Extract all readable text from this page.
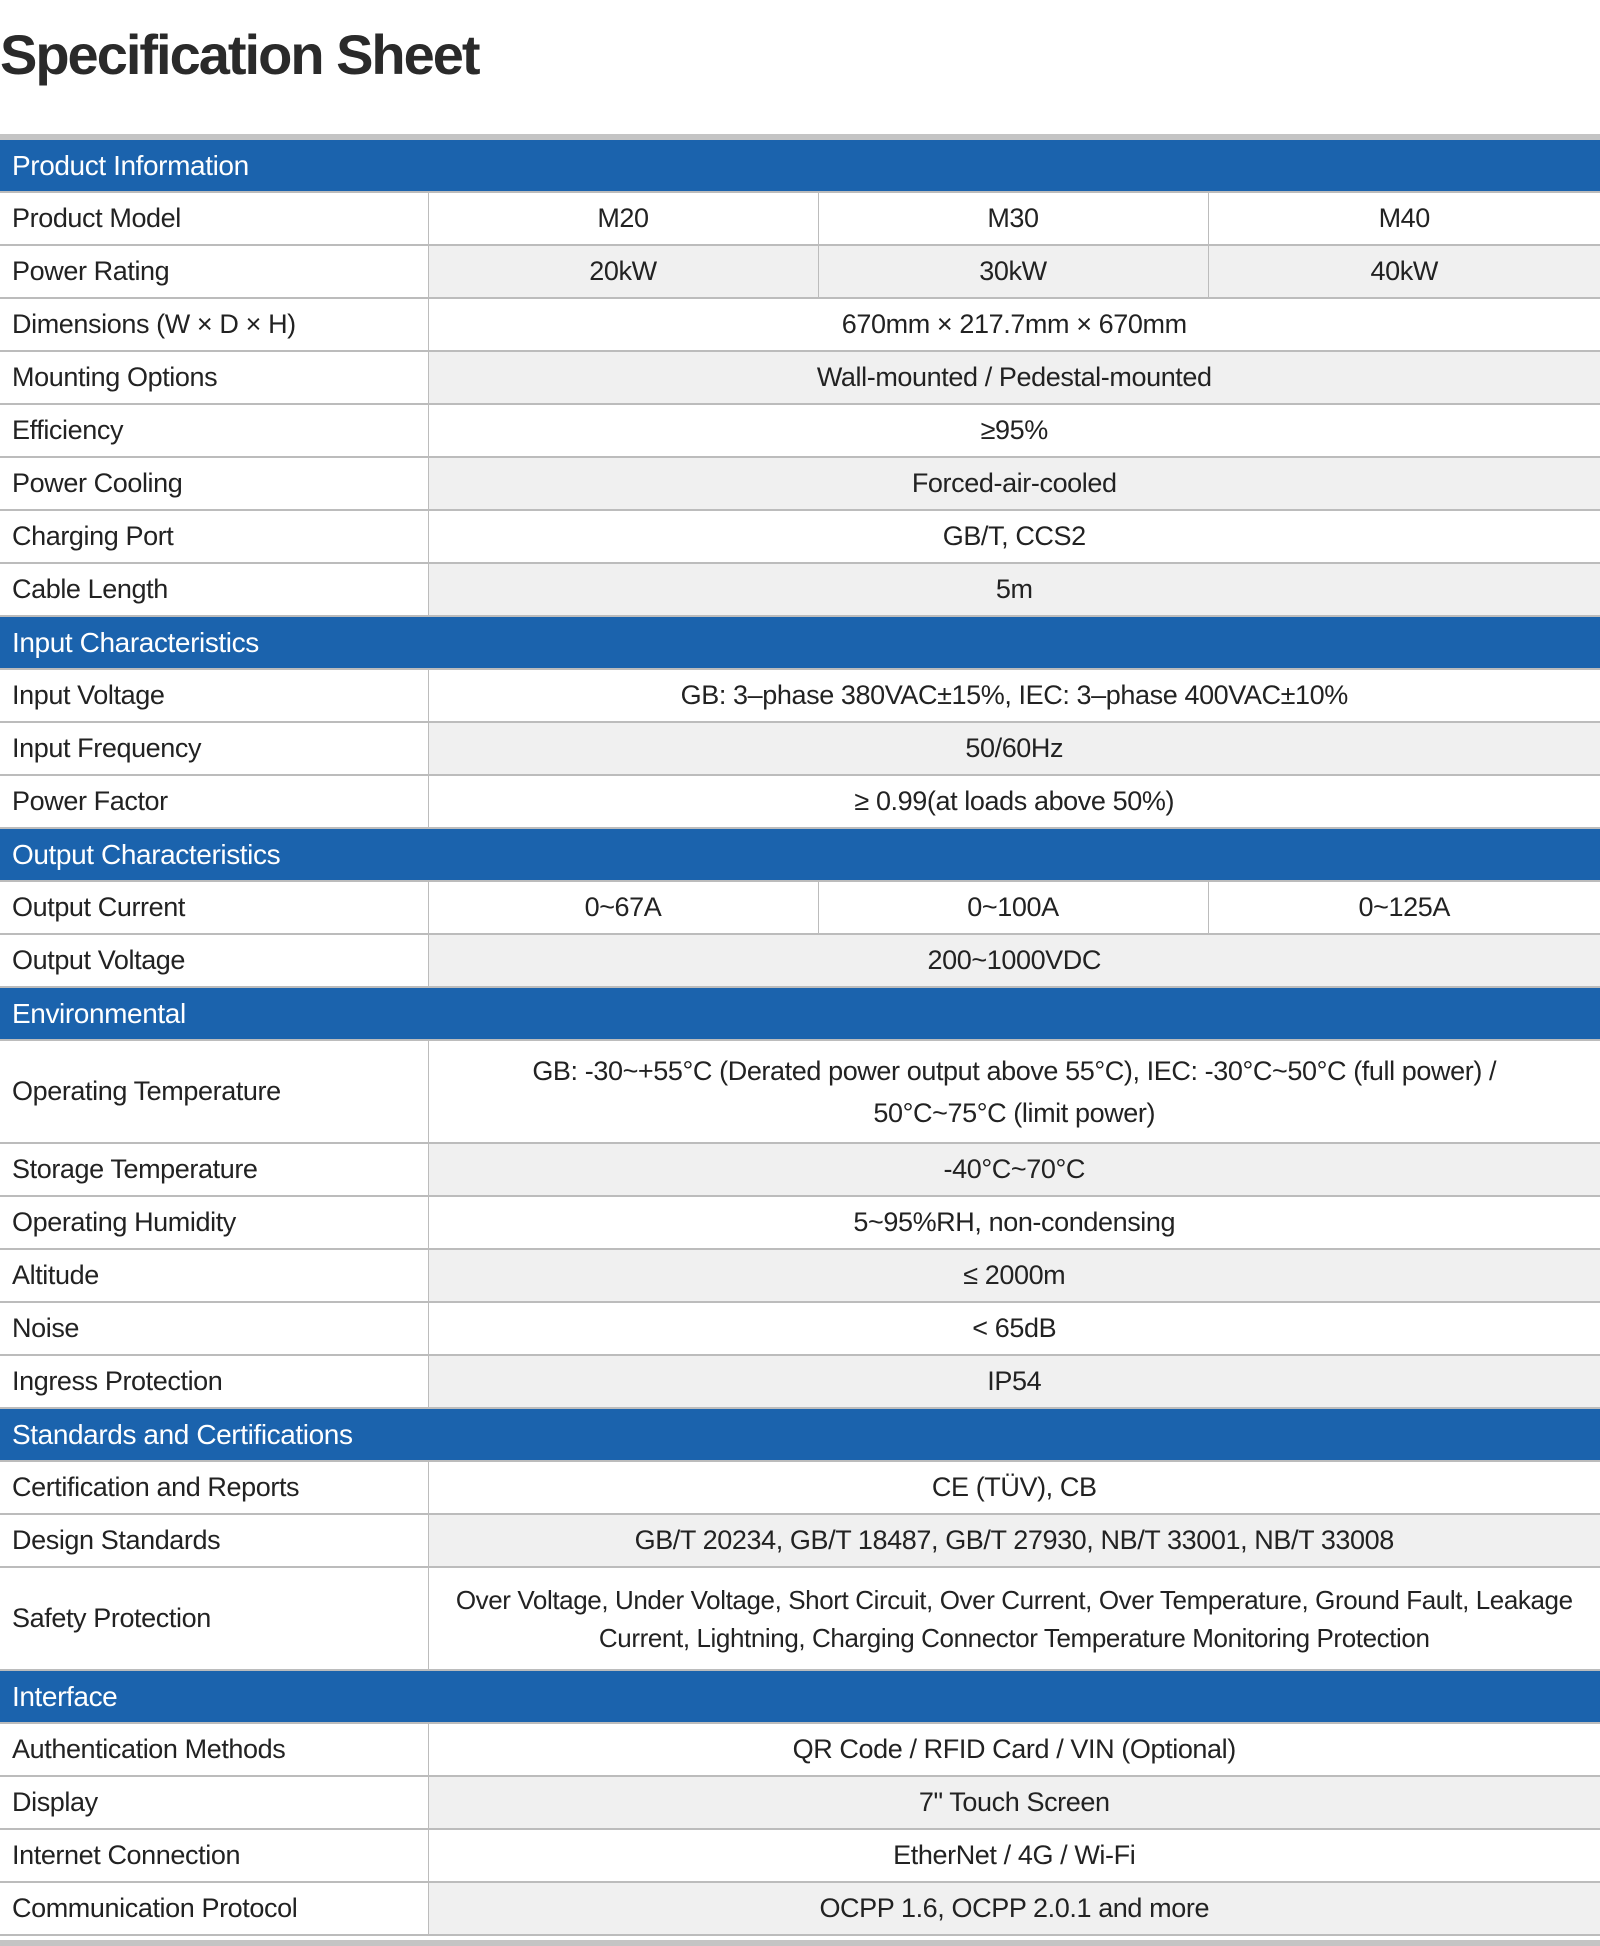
Specification Sheet
Product Information			
Product Model	M20	M30	M40
Power Rating	20kW	30kW	40kW
Dimensions (W × D × H)	670mm × 217.7mm × 670mm		
Mounting Options	Wall-mounted / Pedestal-mounted		
Efficiency	≥95%		
Power Cooling	Forced-air-cooled		
Charging Port	GB/T, CCS2		
Cable Length	5m		
Input Characteristics			
Input Voltage	GB: 3–phase 380VAC±15%, IEC: 3–phase 400VAC±10%		
Input Frequency	50/60Hz		
Power Factor	≥ 0.99(at loads above 50%)		
Output Characteristics			
Output Current	0~67A	0~100A	0~125A
Output Voltage	200~1000VDC		
Environmental			
Operating Temperature	GB: -30~+55°C (Derated power output above 55°C), IEC: -30°C~50°C (full power) /
50°C~75°C (limit power)		

Storage Temperature	-40°C~70°C		
Operating Humidity	5~95%RH, non-condensing		
Altitude	≤ 2000m		
Noise	< 65dB		
Ingress Protection	IP54		
Standards and Certifications			
Certification and Reports	CE (TÜV), CB		
Design Standards	GB/T 20234, GB/T 18487, GB/T 27930, NB/T 33001, NB/T 33008		
Safety Protection	Over Voltage, Under Voltage, Short Circuit, Over Current, Over Temperature, Ground Fault, Leakage
Current, Lightning, Charging Connector Temperature Monitoring Protection		

Interface			
Authentication Methods	QR Code / RFID Card / VIN (Optional)		
Display	7" Touch Screen		
Internet Connection	EtherNet / 4G / Wi-Fi		
Communication Protocol	OCPP 1.6, OCPP 2.0.1 and more		
